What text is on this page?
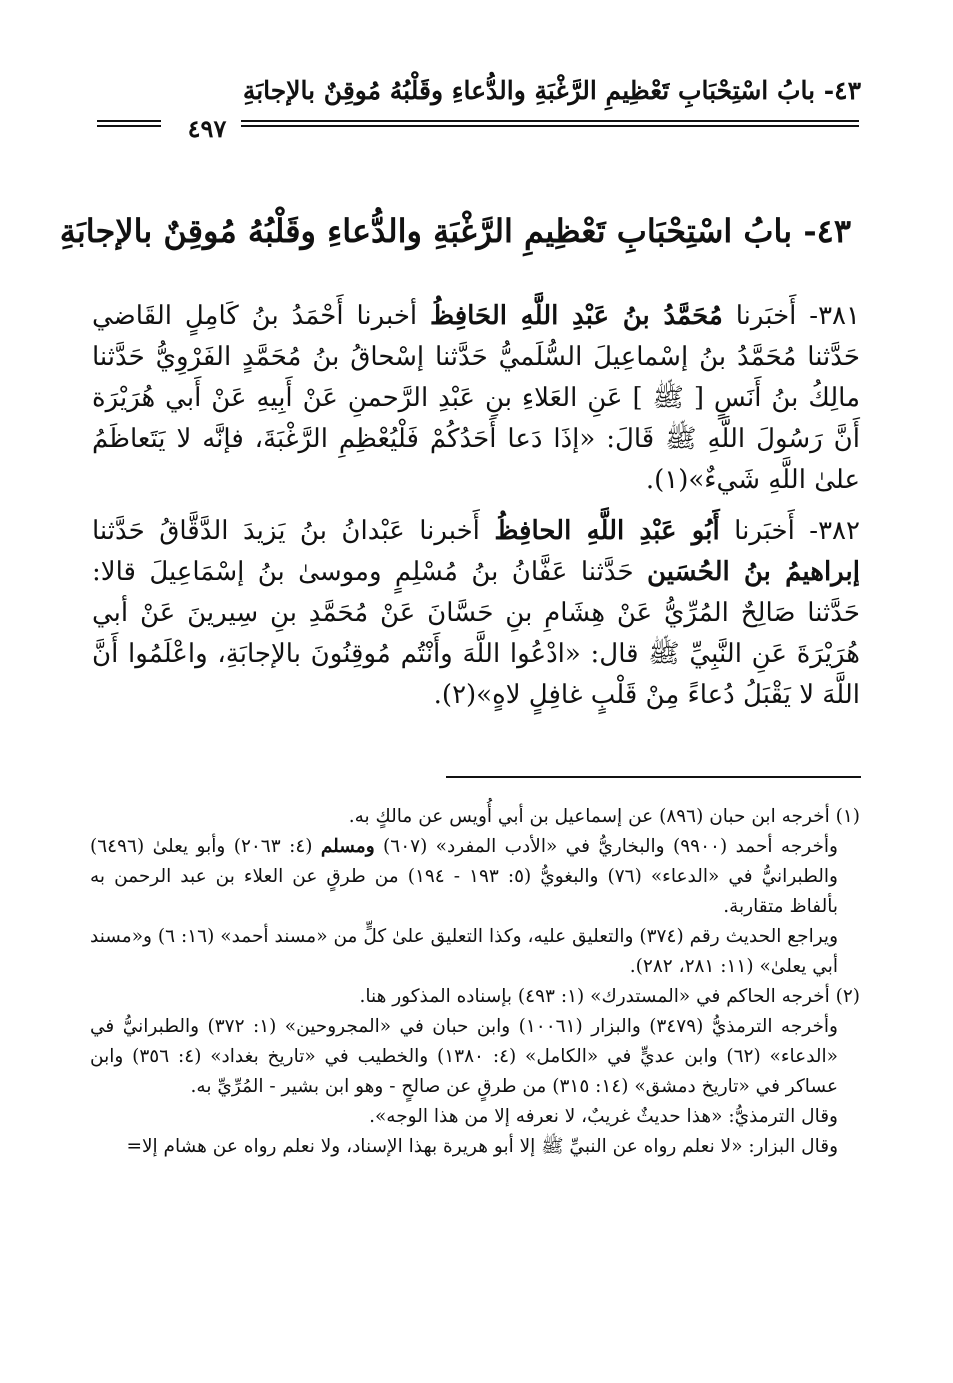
٤٣- بابُ اسْتِحْبَابِ تَعْظِيمِ الرَّغْبَةِ والدُّعاءِ وقَلْبُهُ مُوقِنٌ بالإجابَةِ
٤٩٧
٤٣- بابُ اسْتِحْبَابِ تَعْظِيمِ الرَّغْبَةِ والدُّعاءِ وقَلْبُهُ مُوقِنٌ بالإجابَةِ

٣٨١- أَخبَرنا مُحَمَّدُ بنُ عَبْدِ اللَّهِ الحَافِظُ أخبرنا أَحْمَدُ بنُ كَامِلٍ القَاضي حَدَّثنا مُحَمَّدُ بنُ إسْماعِيلَ السُّلَميُّ حَدَّثنا إسْحاقُ بنُ مُحَمَّدٍ الفَرْوِيُّ حَدَّثنا مالِكُ بنُ أَنَسٍ [ ﷺ ] عَنِ العَلاءِ بنِ عَبْدِ الرَّحمنِ عَنْ أَبِيهِ عَنْ أَبي هُرَيْرَة أَنَّ رَسُولَ اللَّهِ ﷺ قَالَ: «إذَا دَعا أَحَدُكُمْ فَلْيُعْظِمِ الرَّغْبَةَ، فإنَّه لا يَتَعاظَمُ علىٰ اللَّهِ شَيءٌ»(١).

٣٨٢- أَخبَرنا أَبُو عَبْدِ اللَّهِ الحافِظُ أَخبرنا عَبْدانُ بنُ يَزيدَ الدَّقَّاقُ حَدَّثنا إبراهيمُ بنُ الحُسَين حَدَّثنا عَفَّانُ بنُ مُسْلِمٍ وموسىٰ بنُ إسْمَاعِيلَ قالا: حَدَّثنا صَالِحٌ المُرِّيُّ عَنْ هِشَامِ بنِ حَسَّانَ عَنْ مُحَمَّدِ بنِ سِيرينَ عَنْ أبي هُرَيْرَةَ عَنِ النَّبِيِّ ﷺ قال: «ادْعُوا اللَّهَ وأَنْتُم مُوقِنُونَ بالإجابَةِ، واعْلَمُوا أَنَّ اللَّهَ لا يَقْبَلُ دُعاءً مِنْ قَلْبٍ غافِلٍ لاهٍ»(٢).

(١) أخرجه ابن حبان (٨٩٦) عن إسماعيل بن أبي أُويس عن مالكٍ به.

وأخرجه أحمد (٩٩٠٠) والبخاريُّ في «الأدب المفرد» (٦٠٧) ومسلم (٤: ٢٠٦٣) وأبو يعلىٰ (٦٤٩٦) والطبرانيُّ في «الدعاء» (٧٦) والبغويُّ (٥: ١٩٣ - ١٩٤) من طرقٍ عن العلاء بن عبد الرحمن به بألفاظ متقاربة.

ويراجع الحديث رقم (٣٧٤) والتعليق عليه، وكذا التعليق علىٰ كلٍّ من «مسند أحمد» (١٦: ٦) و«مسند أبي يعلىٰ» (١١: ٢٨١، ٢٨٢).

(٢) أخرجه الحاكم في «المستدرك» (١: ٤٩٣) بإسناده المذكور هنا.

وأخرجه الترمذيُّ (٣٤٧٩) والبزار (١٠٠٦١) وابن حبان في «المجروحين» (١: ٣٧٢) والطبرانيُّ في «الدعاء» (٦٢) وابن عديٍّ في «الكامل» (٤: ١٣٨٠) والخطيب في «تاريخ بغداد» (٤: ٣٥٦) وابن عساكر في «تاريخ دمشق» (١٤: ٣١٥) من طرقٍ عن صالحٍ - وهو ابن بشير - المُرِّيِّ به.

وقال الترمذيُّ: «هذا حديثٌ غريبٌ، لا نعرفه إلا من هذا الوجه».

وقال البزار: «لا نعلم رواه عن النبيِّ ﷺ إلا أبو هريرة بهذا الإسناد، ولا نعلم رواه عن هشام إلا=
